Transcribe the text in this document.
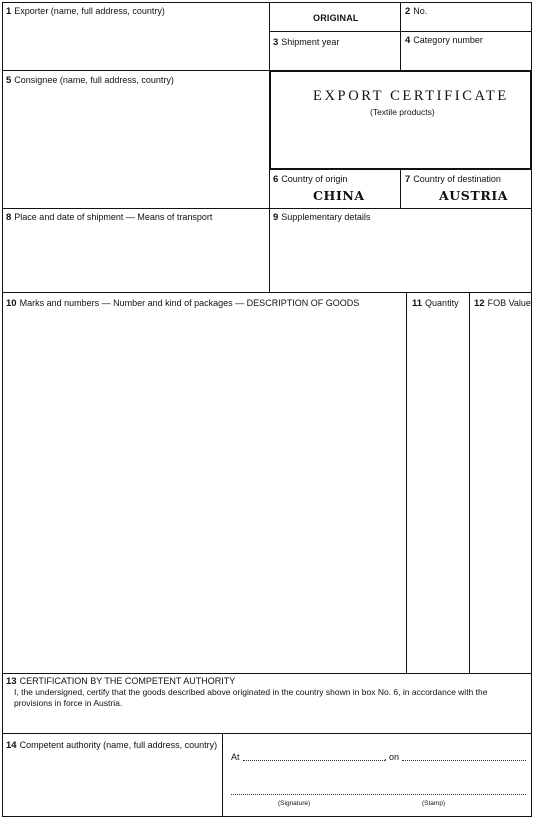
1 Exporter (name, full address, country)
ORIGINAL
2 No.
3 Shipment year	4 Category number
5 Consignee (name, full address, country)
EXPORT CERTIFICATE
(Textile products)
6 Country of origin
CHINA
7 Country of destination
AUSTRIA
8 Place and date of shipment — Means of transport	9 Supplementary details
10 Marks and numbers — Number and kind of packages — DESCRIPTION OF GOODS	11 Quantity 12 FOB Value
13 CERTIFICATION BY THE COMPETENT AUTHORITY
I, the undersigned, certify that the goods described above originated in the country shown in box No. 6, in accordance with the provisions in force in Austria.
14 Competent authority (name, full address, country)
At	, on
(Signature)	(Stamp)
